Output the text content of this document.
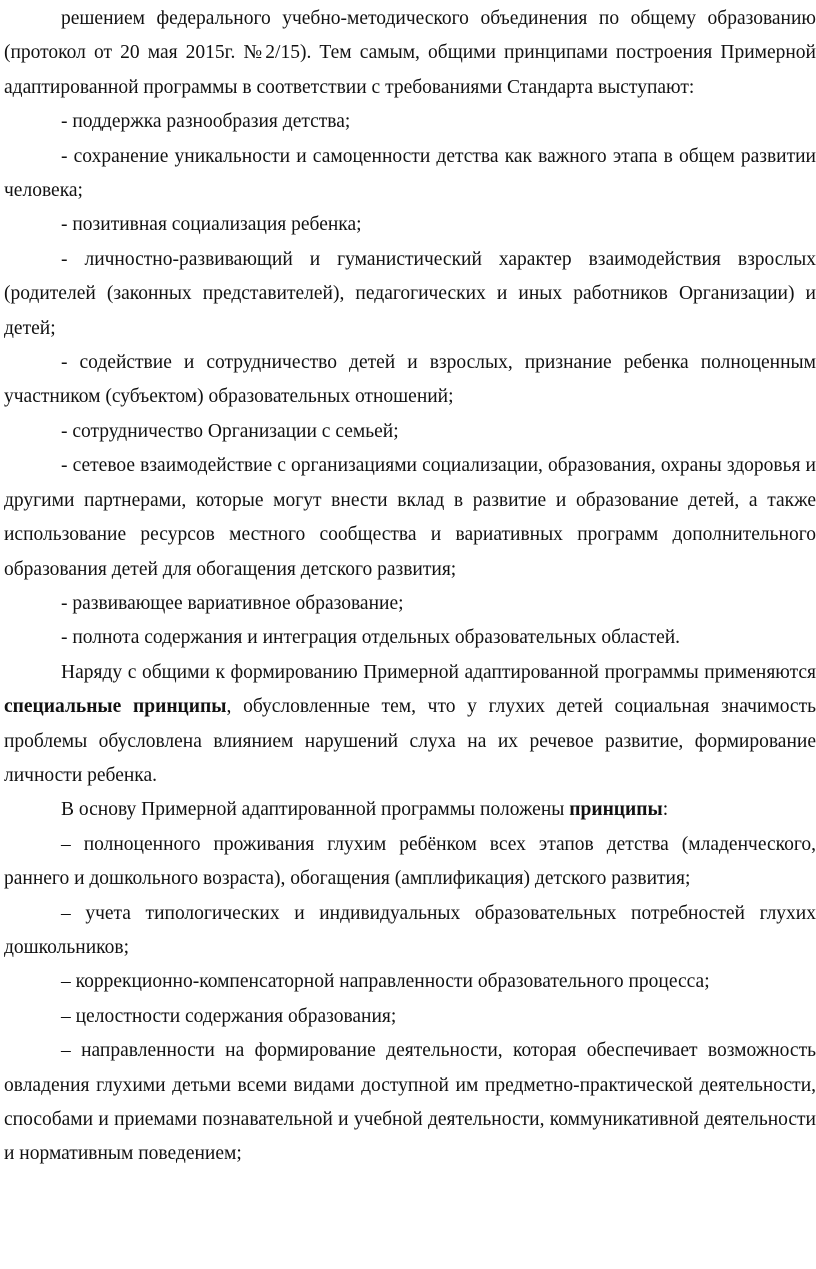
решением федерального учебно-методического объединения по общему образованию (протокол от 20 мая 2015г. №2/15). Тем самым, общими принципами построения Примерной адаптированной программы в соответствии с требованиями Стандарта выступают:

- поддержка разнообразия детства;

- сохранение уникальности и самоценности детства как важного этапа в общем развитии человека;

- позитивная социализация ребенка;

- личностно-развивающий и гуманистический характер взаимодействия взрослых (родителей (законных представителей), педагогических и иных работников Организации) и детей;

- содействие и сотрудничество детей и взрослых, признание ребенка полноценным участником (субъектом) образовательных отношений;

- сотрудничество Организации с семьей;

- сетевое взаимодействие с организациями социализации, образования, охраны здоровья и другими партнерами, которые могут внести вклад в развитие и образование детей, а также использование ресурсов местного сообщества и вариативных программ дополнительного образования детей для обогащения детского развития;

- развивающее вариативное образование;

- полнота содержания и интеграция отдельных образовательных областей.

Наряду с общими к формированию Примерной адаптированной программы применяются специальные принципы, обусловленные тем, что у глухих детей социальная значимость проблемы обусловлена влиянием нарушений слуха на их речевое развитие, формирование личности ребенка.

В основу Примерной адаптированной программы положены принципы:

– полноценного проживания глухим ребёнком всех этапов детства (младенческого, раннего и дошкольного возраста), обогащения (амплификация) детского развития;

– учета типологических и индивидуальных образовательных потребностей глухих дошкольников;

– коррекционно-компенсаторной направленности образовательного процесса;

– целостности содержания образования;

– направленности на формирование деятельности, которая обеспечивает возможность овладения глухими детьми всеми видами доступной им предметно-практической деятельности, способами и приемами познавательной и учебной деятельности, коммуникативной деятельности и нормативным поведением;
